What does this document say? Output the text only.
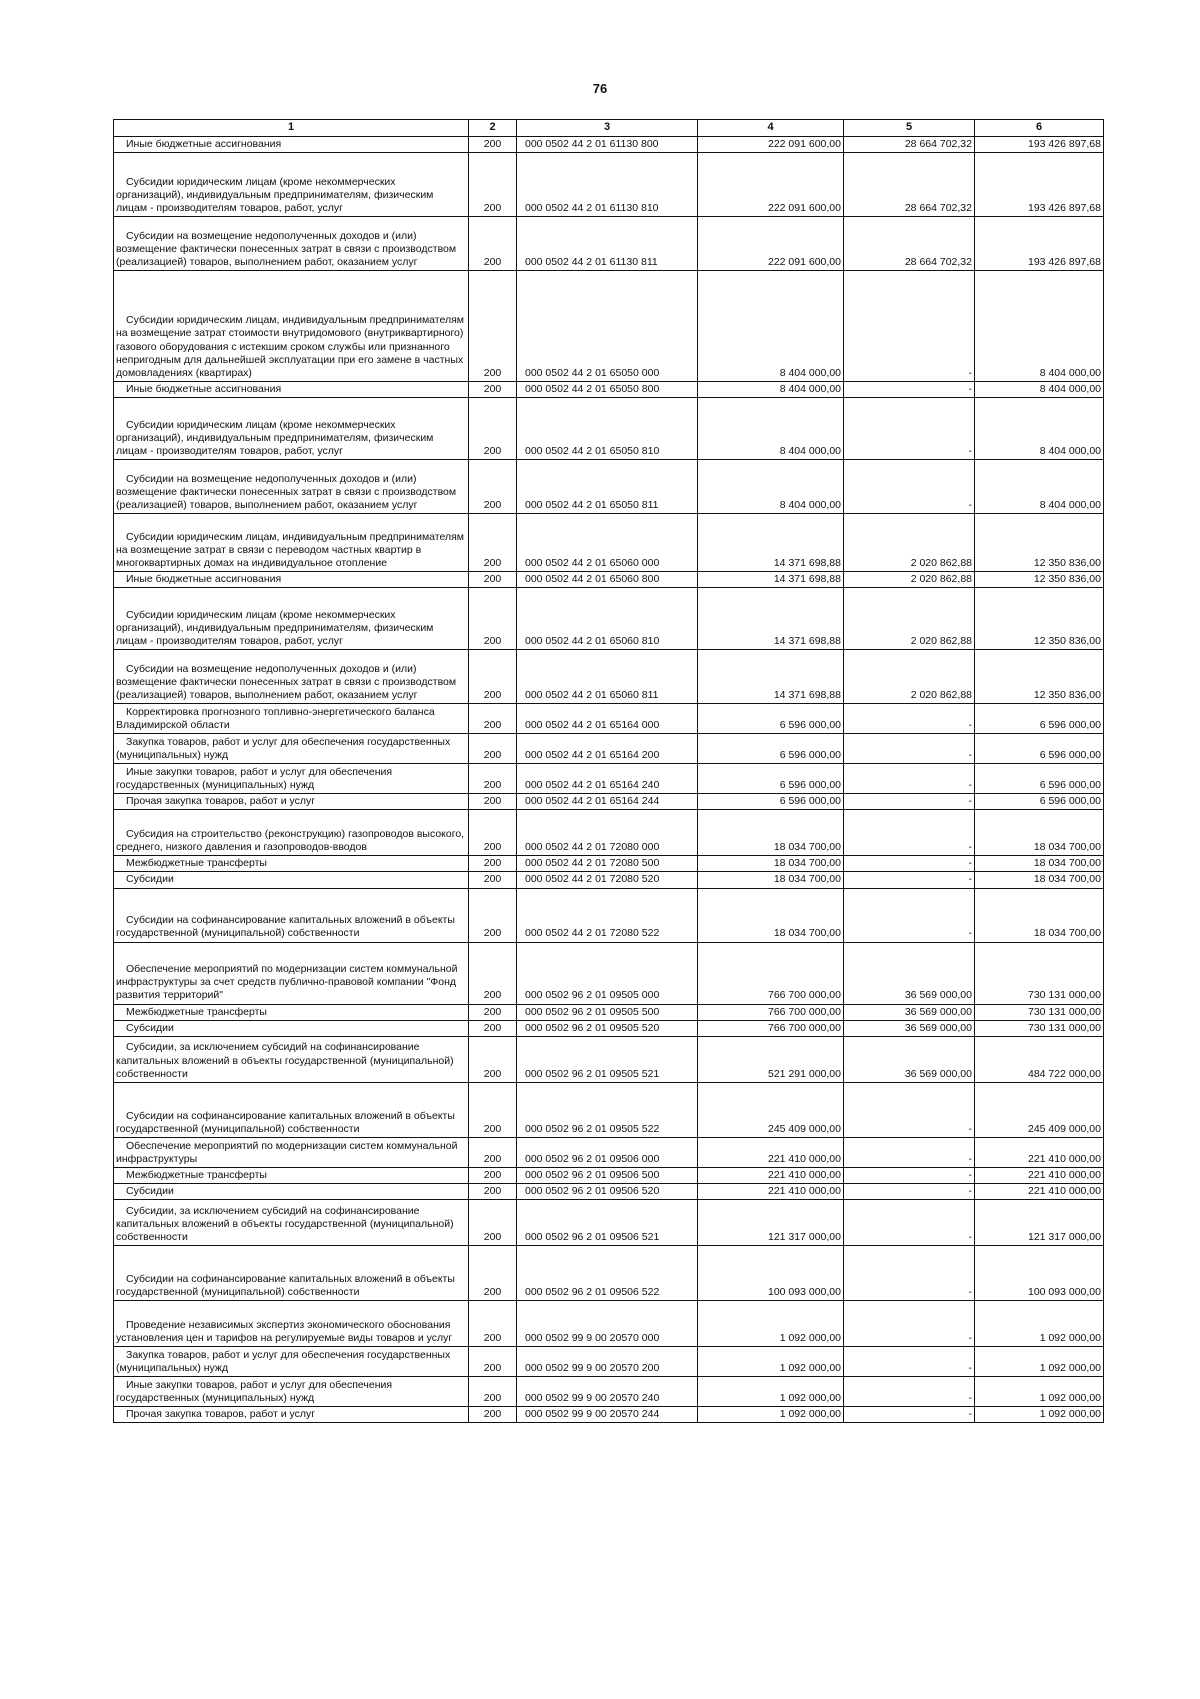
76
1	2	3	4	5	6

Иные бюджетные ассигнования	200	000 0502 44 2 01 61130 800	222 091 600,00	28 664 702,32	193 426 897,68

Субсидии юридическим лицам (кроме некоммерческих организаций), индивидуальным предпринимателям, физическим лицам - производителям товаров, работ, услуг	200	000 0502 44 2 01 61130 810	222 091 600,00	28 664 702,32	193 426 897,68

Субсидии на возмещение недополученных доходов и (или) возмещение фактически понесенных затрат в связи с производством (реализацией) товаров, выполнением работ, оказанием услуг	200	000 0502 44 2 01 61130 811	222 091 600,00	28 664 702,32	193 426 897,68

Субсидии юридическим лицам, индивидуальным предпринимателям на возмещение затрат стоимости внутридомового (внутриквартирного) газового оборудования с истекшим сроком службы или признанного непригодным для дальнейшей эксплуатации при его замене в частных домовладениях (квартирах)	200	000 0502 44 2 01 65050 000	8 404 000,00	-	8 404 000,00

Иные бюджетные ассигнования	200	000 0502 44 2 01 65050 800	8 404 000,00	-	8 404 000,00

Субсидии юридическим лицам (кроме некоммерческих организаций), индивидуальным предпринимателям, физическим лицам - производителям товаров, работ, услуг	200	000 0502 44 2 01 65050 810	8 404 000,00	-	8 404 000,00

Субсидии на возмещение недополученных доходов и (или) возмещение фактически понесенных затрат в связи с производством (реализацией) товаров, выполнением работ, оказанием услуг	200	000 0502 44 2 01 65050 811	8 404 000,00	-	8 404 000,00

Субсидии юридическим лицам, индивидуальным предпринимателям на возмещение затрат в связи с переводом частных квартир в многоквартирных домах на индивидуальное отопление	200	000 0502 44 2 01 65060 000	14 371 698,88	2 020 862,88	12 350 836,00

Иные бюджетные ассигнования	200	000 0502 44 2 01 65060 800	14 371 698,88	2 020 862,88	12 350 836,00

Субсидии юридическим лицам (кроме некоммерческих организаций), индивидуальным предпринимателям, физическим лицам - производителям товаров, работ, услуг	200	000 0502 44 2 01 65060 810	14 371 698,88	2 020 862,88	12 350 836,00

Субсидии на возмещение недополученных доходов и (или) возмещение фактически понесенных затрат в связи с производством (реализацией) товаров, выполнением работ, оказанием услуг	200	000 0502 44 2 01 65060 811	14 371 698,88	2 020 862,88	12 350 836,00

Корректировка прогнозного топливно-энергетического баланса Владимирской области	200	000 0502 44 2 01 65164 000	6 596 000,00	-	6 596 000,00

Закупка товаров, работ и услуг для обеспечения государственных (муниципальных) нужд	200	000 0502 44 2 01 65164 200	6 596 000,00	-	6 596 000,00

Иные закупки товаров, работ и услуг для обеспечения государственных (муниципальных) нужд	200	000 0502 44 2 01 65164 240	6 596 000,00	-	6 596 000,00

Прочая закупка товаров, работ и услуг	200	000 0502 44 2 01 65164 244	6 596 000,00	-	6 596 000,00

Субсидия на строительство (реконструкцию) газопроводов высокого, среднего, низкого давления и газопроводов-вводов	200	000 0502 44 2 01 72080 000	18 034 700,00	-	18 034 700,00

Межбюджетные трансферты	200	000 0502 44 2 01 72080 500	18 034 700,00	-	18 034 700,00

Субсидии	200	000 0502 44 2 01 72080 520	18 034 700,00	-	18 034 700,00

Субсидии на софинансирование капитальных вложений в объекты государственной (муниципальной) собственности	200	000 0502 44 2 01 72080 522	18 034 700,00	-	18 034 700,00

Обеспечение мероприятий по модернизации систем коммунальной инфраструктуры за счет средств публично-правовой компании "Фонд развития территорий"	200	000 0502 96 2 01 09505 000	766 700 000,00	36 569 000,00	730 131 000,00

Межбюджетные трансферты	200	000 0502 96 2 01 09505 500	766 700 000,00	36 569 000,00	730 131 000,00

Субсидии	200	000 0502 96 2 01 09505 520	766 700 000,00	36 569 000,00	730 131 000,00

Субсидии, за исключением субсидий на софинансирование капитальных вложений в объекты государственной (муниципальной) собственности	200	000 0502 96 2 01 09505 521	521 291 000,00	36 569 000,00	484 722 000,00

Субсидии на софинансирование капитальных вложений в объекты государственной (муниципальной) собственности	200	000 0502 96 2 01 09505 522	245 409 000,00	-	245 409 000,00

Обеспечение мероприятий по модернизации систем коммунальной инфраструктуры	200	000 0502 96 2 01 09506 000	221 410 000,00	-	221 410 000,00

Межбюджетные трансферты	200	000 0502 96 2 01 09506 500	221 410 000,00	-	221 410 000,00

Субсидии	200	000 0502 96 2 01 09506 520	221 410 000,00	-	221 410 000,00

Субсидии, за исключением субсидий на софинансирование капитальных вложений в объекты государственной (муниципальной) собственности	200	000 0502 96 2 01 09506 521	121 317 000,00	-	121 317 000,00

Субсидии на софинансирование капитальных вложений в объекты государственной (муниципальной) собственности	200	000 0502 96 2 01 09506 522	100 093 000,00	-	100 093 000,00

Проведение независимых экспертиз экономического обоснования установления цен и тарифов на регулируемые виды товаров и услуг	200	000 0502 99 9 00 20570 000	1 092 000,00	-	1 092 000,00

Закупка товаров, работ и услуг для обеспечения государственных (муниципальных) нужд	200	000 0502 99 9 00 20570 200	1 092 000,00	-	1 092 000,00

Иные закупки товаров, работ и услуг для обеспечения государственных (муниципальных) нужд	200	000 0502 99 9 00 20570 240	1 092 000,00	-	1 092 000,00

Прочая закупка товаров, работ и услуг	200	000 0502 99 9 00 20570 244	1 092 000,00	-	1 092 000,00
